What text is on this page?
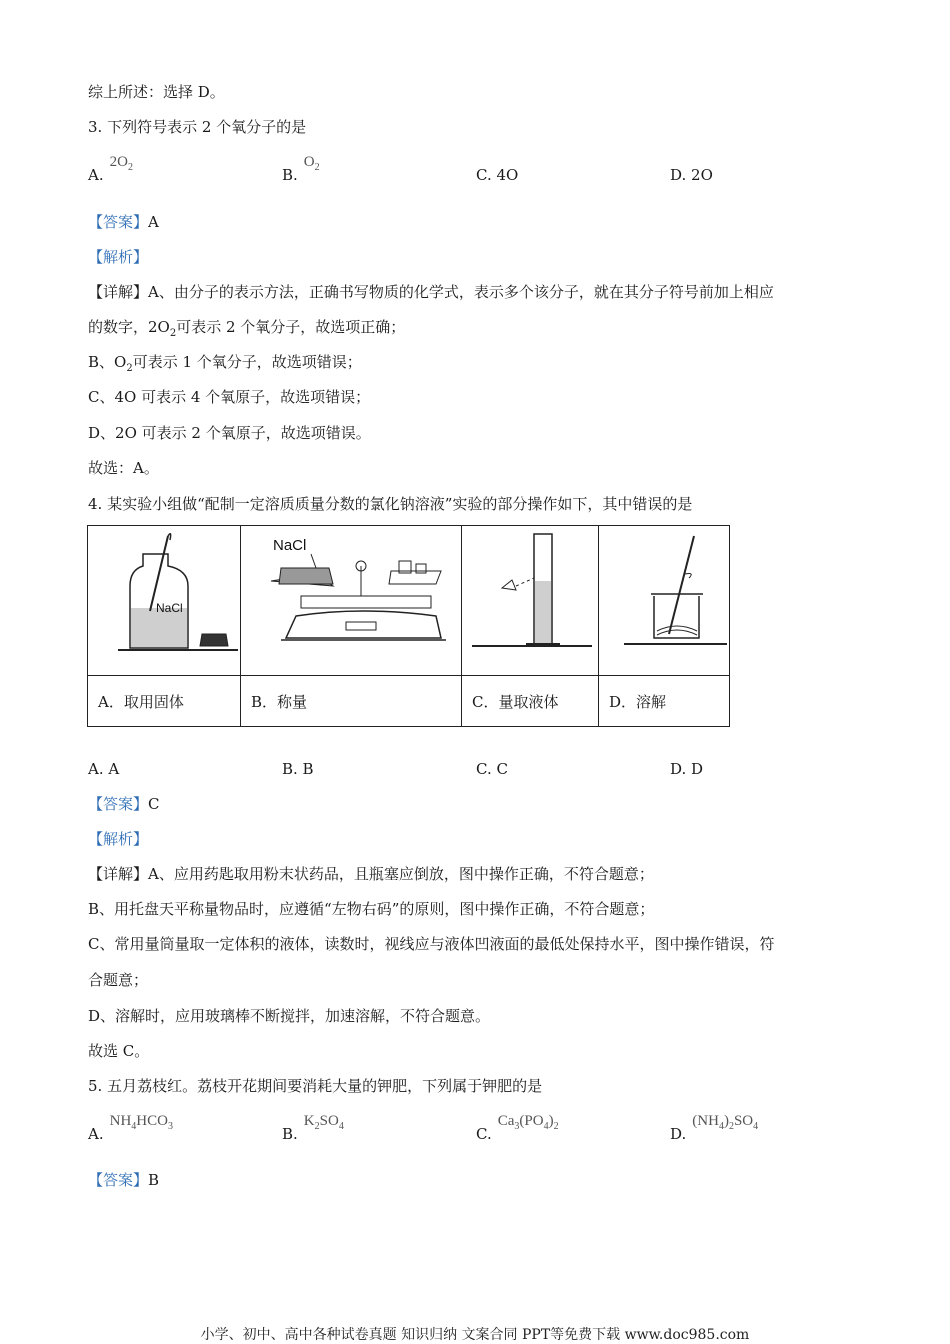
综上所述：选择 D。
3. 下列符号表示 2 个氧分子的是
$A.2O_2$	$B.O_2$	C. 4O	D. 2O
【答案】A
【解析】
【详解】A、由分子的表示方法，正确书写物质的化学式，表示多个该分子，就在其分子符号前加上相应
的数字，$2O_2$可表示 2 个氧分子，故选项正确；
B、$O_2$可表示 1 个氧分子，故选项错误；
C、4O 可表示 4 个氧原子，故选项错误；
D、2O 可表示 2 个氧原子，故选项错误。
故选：A。
4. 某实验小组做“配制一定溶质质量分数的氯化钠溶液”实验的部分操作如下，其中错误的是
NaCl	NaCl

A．取用固体	B．称量	C．量取液体	D．溶解
A. A	B. B	C. C	D. D
【答案】C
【解析】
【详解】A、应用药匙取用粉末状药品，且瓶塞应倒放，图中操作正确，不符合题意；
B、用托盘天平称量物品时，应遵循“左物右码”的原则，图中操作正确，不符合题意；
C、常用量筒量取一定体积的液体，读数时，视线应与液体凹液面的最低处保持水平，图中操作错误，符
合题意；
D、溶解时，应用玻璃棒不断搅拌，加速溶解，不符合题意。
故选 C。
5. 五月荔枝红。荔枝开花期间要消耗大量的钾肥，下列属于钾肥的是
$A.NH_4HCO_3$	$B.K_2SO_4$	$C.Ca_3(PO_4)_2$	$D.(NH_4)_2SO_4$
【答案】B
小学、初中、高中各种试卷真题 知识归纳 文案合同 PPT等免费下载 www.doc985.com
